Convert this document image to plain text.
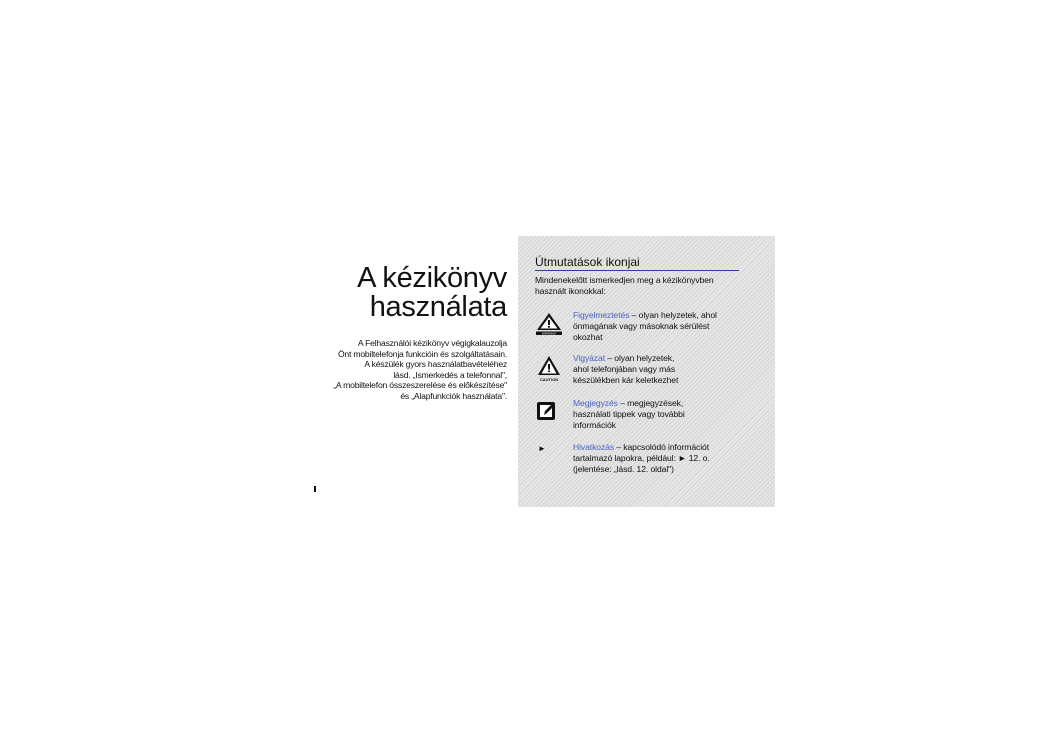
A kézikönyv
használata
A Felhasználói kézikönyv végigkalauzolja
Önt mobiltelefonja funkcióin és szolgáltatásain.
A készülék gyors használatbavételéhez
lásd. „Ismerkedés a telefonnal",
„A mobiltelefon összeszerelése és előkészítése"
és „Alapfunkciók használata".
Útmutatások ikonjai
Mindenekelőtt ismerkedjen meg a kézikönyvben
használt ikonokkal:
WARNING
Figyelmeztetés – olyan helyzetek, ahol
önmagának vagy másoknak sérülést
okozhat
CAUTION
Vigyázat – olyan helyzetek,
ahol telefonjában vagy más
készülékben kár keletkezhet
Megjegyzés – megjegyzések,
használati tippek vagy további
információk
►	Hivatkozás – kapcsolódó információt
tartalmazó lapokra, például: ► 12. o.
(jelentése: „lásd. 12. oldal")
